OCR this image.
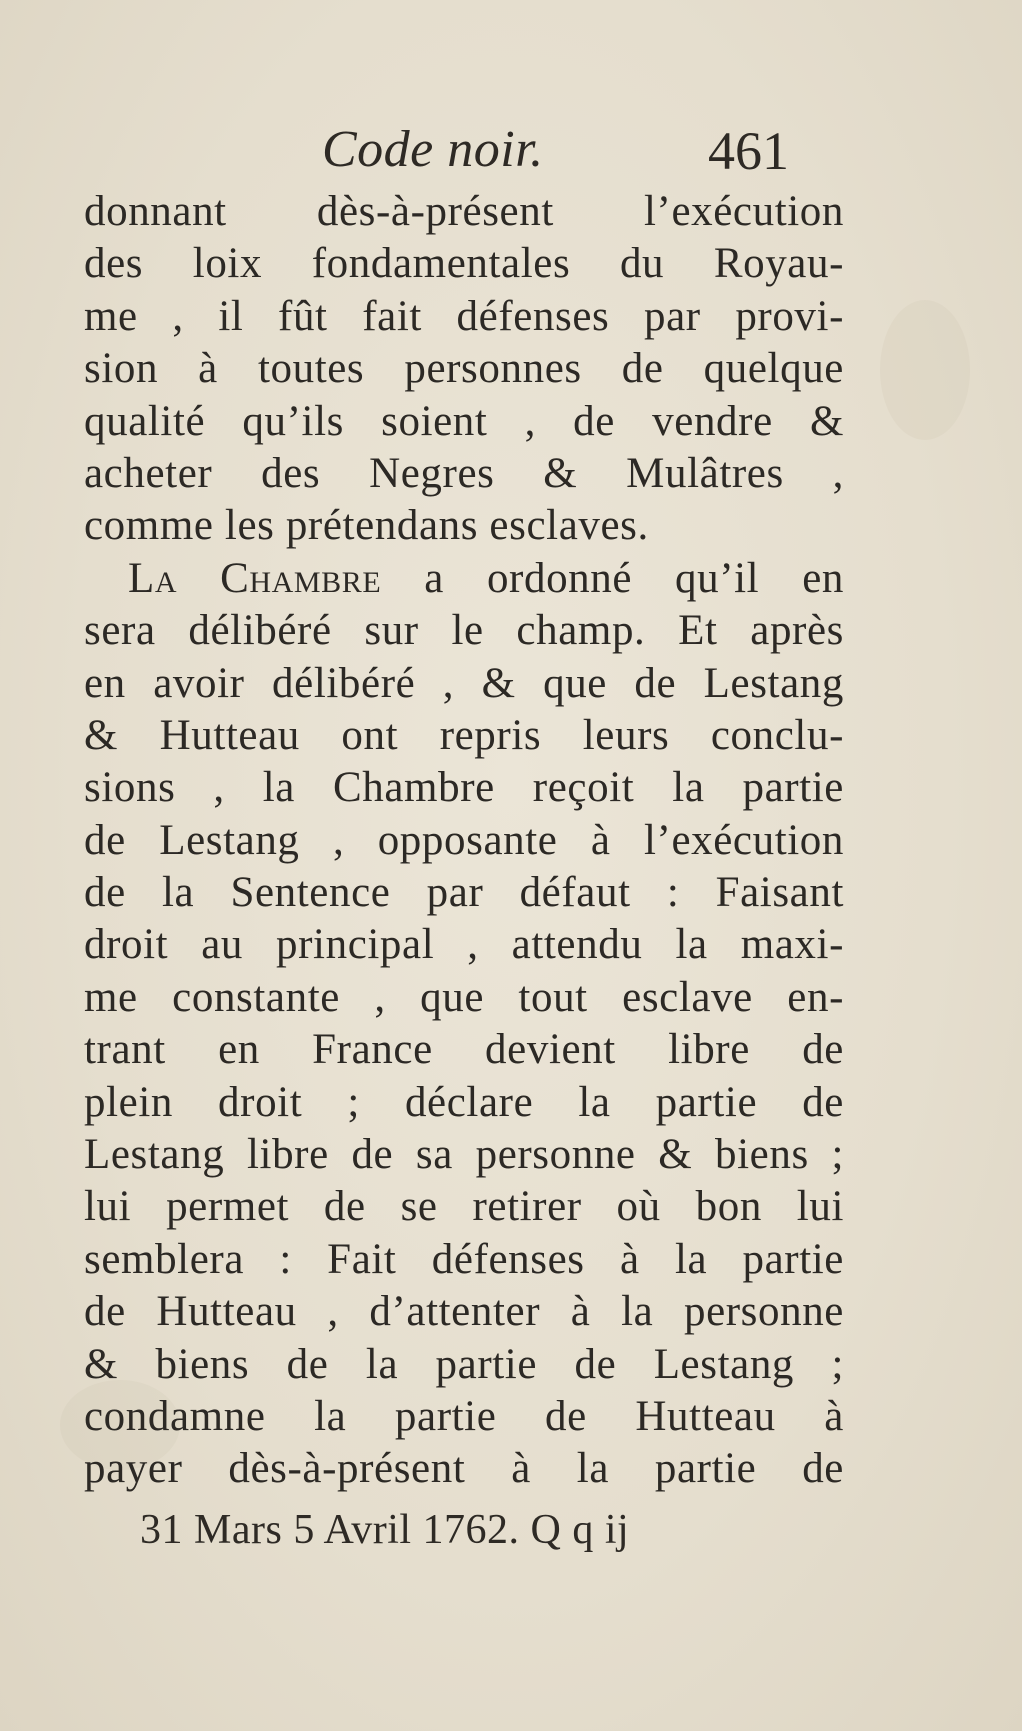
Code noir.	461
donnant dès-à-présent l’exécution
des loix fondamentales du Royau-
me , il fût fait défenses par provi-
sion à toutes personnes de quelque
qualité qu’ils soient , de vendre &
acheter des Negres & Mulâtres ,
comme les prétendans esclaves.
La Chambre a ordonné qu’il en
sera délibéré sur le champ. Et après
en avoir délibéré , & que de Lestang
& Hutteau ont repris leurs conclu-
sions , la Chambre reçoit la partie
de Lestang , opposante à l’exécution
de la Sentence par défaut : Faisant
droit au principal , attendu la maxi-
me constante , que tout esclave en-
trant en France devient libre de
plein droit ; déclare la partie de
Lestang libre de sa personne & biens ;
lui permet de se retirer où bon lui
semblera : Fait défenses à la partie
de Hutteau , d’attenter à la personne
& biens de la partie de Lestang ;
condamne la partie de Hutteau à
payer dès-à-présent à la partie de
31 Mars 5 Avril 1762. Q q ij
